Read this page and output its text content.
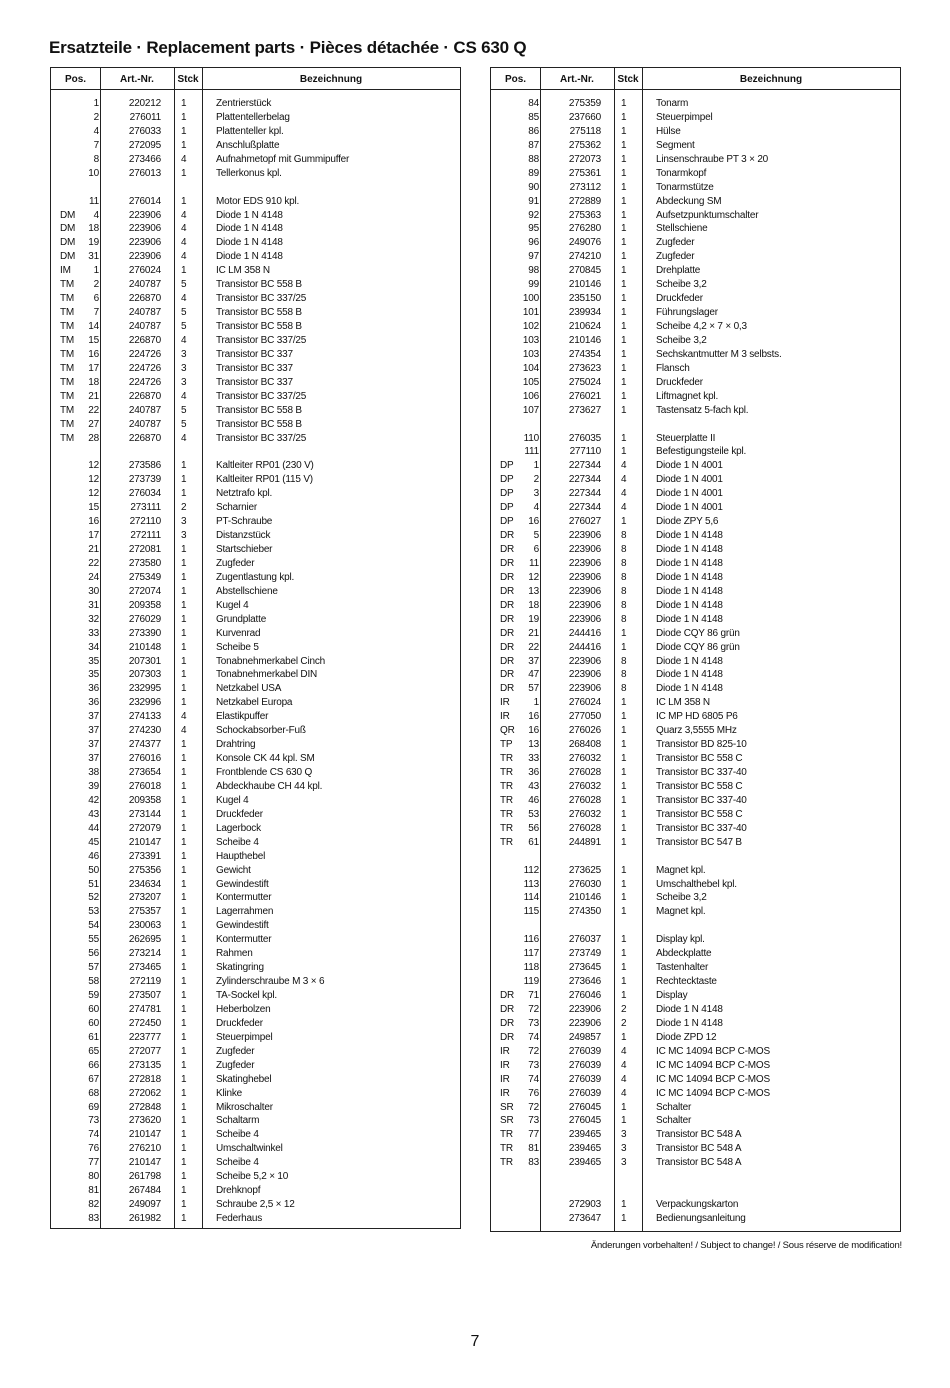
Ersatzteile · Replacement parts · Pièces détachée · CS 630 Q
Pos.	Art.-Nr.	Stck	Bezeichnung
1	220212 1	Zentrierstück
2	276011 1	Plattentellerbelag
4	276033 1	Plattenteller kpl.
7	272095 1	Anschlußplatte
8	273466 4	Aufnahmetopf mit Gummipuffer
10	276013 1	Tellerkonus kpl.
11	276014 1	Motor EDS 910 kpl.
DM	4	223906 4	Diode 1 N 4148
DM	18	223906 4	Diode 1 N 4148
DM	19	223906 4	Diode 1 N 4148
DM	31	223906 4	Diode 1 N 4148
IM	1	276024 1	IC LM 358 N
TM	2	240787 5	Transistor BC 558 B
TM	6	226870 4	Transistor BC 337/25
TM	7	240787 5	Transistor BC 558 B
TM	14	240787 5	Transistor BC 558 B
TM	15	226870 4	Transistor BC 337/25
TM	16	224726 3	Transistor BC 337
TM	17	224726 3	Transistor BC 337
TM	18	224726 3	Transistor BC 337
TM	21	226870 4	Transistor BC 337/25
TM	22	240787 5	Transistor BC 558 B
TM	27	240787 5	Transistor BC 558 B
TM	28	226870 4	Transistor BC 337/25
12	273586 1	Kaltleiter RP01 (230 V)
12	273739 1	Kaltleiter RP01 (115 V)
12	276034 1	Netztrafo kpl.
15	273111 2	Scharnier
16	272110 3	PT-Schraube
17	272111 3	Distanzstück
21	272081 1	Startschieber
22	273580 1	Zugfeder
24	275349 1	Zugentlastung kpl.
30	272074 1	Abstellschiene
31	209358 1	Kugel 4
32	276029 1	Grundplatte
33	273390 1	Kurvenrad
34	210148 1	Scheibe 5
35	207301 1	Tonabnehmerkabel Cinch
35	207303 1	Tonabnehmerkabel DIN
36	232995 1	Netzkabel USA
36	232996 1	Netzkabel Europa
37	274133 4	Elastikpuffer
37	274230 4	Schockabsorber-Fuß
37	274377 1	Drahtring
37	276016 1	Konsole CK 44 kpl. SM
38	273654 1	Frontblende CS 630 Q
39	276018 1	Abdeckhaube CH 44 kpl.
42	209358 1	Kugel 4
43	273144 1	Druckfeder
44	272079 1	Lagerbock
45	210147 1	Scheibe 4
46	273391 1	Haupthebel
50	275356 1	Gewicht
51	234634 1	Gewindestift
52	273207 1	Kontermutter
53	275357 1	Lagerrahmen
54	230063 1	Gewindestift
55	262695 1	Kontermutter
56	273214 1	Rahmen
57	273465 1	Skatingring
58	272119 1	Zylinderschraube M 3 × 6
59	273507 1	TA-Sockel kpl.
60	274781 1	Heberbolzen
60	272450 1	Druckfeder
61	223777 1	Steuerpimpel
65	272077 1	Zugfeder
66	273135 1	Zugfeder
67	272818 1	Skatinghebel
68	272062 1	Klinke
69	272848 1	Mikroschalter
73	273620 1	Schaltarm
74	210147 1	Scheibe 4
76	276210 1	Umschaltwinkel
77	210147 1	Scheibe 4
80	261798 1	Scheibe 5,2 × 10
81	267484 1	Drehknopf
82	249097 1	Schraube 2,5 × 12
83	261982 1	Federhaus
Pos.	Art.-Nr.	Stck	Bezeichnung
84	275359 1	Tonarm
85	237660 1	Steuerpimpel
86	275118 1	Hülse
87	275362 1	Segment
88	272073 1	Linsenschraube PT 3 × 20
89	275361 1	Tonarmkopf
90	273112 1	Tonarmstütze
91	272889 1	Abdeckung SM
92	275363 1	Aufsetzpunktumschalter
95	276280 1	Stellschiene
96	249076 1	Zugfeder
97	274210 1	Zugfeder
98	270845 1	Drehplatte
99	210146 1	Scheibe 3,2
100	235150 1	Druckfeder
101	239934 1	Führungslager
102	210624 1	Scheibe 4,2 × 7 × 0,3
103	210146 1	Scheibe 3,2
103	274354 1	Sechskantmutter M 3 selbsts.
104	273623 1	Flansch
105	275024 1	Druckfeder
106	276021 1	Liftmagnet kpl.
107	273627 1	Tastensatz 5-fach kpl.
110	276035 1	Steuerplatte II
111	277110 1	Befestigungsteile kpl.
DP	1	227344 4	Diode 1 N 4001
DP	2	227344 4	Diode 1 N 4001
DP	3	227344 4	Diode 1 N 4001
DP	4	227344 4	Diode 1 N 4001
DP	16	276027 1	Diode ZPY 5,6
DR	5	223906 8	Diode 1 N 4148
DR	6	223906 8	Diode 1 N 4148
DR	11	223906 8	Diode 1 N 4148
DR	12	223906 8	Diode 1 N 4148
DR	13	223906 8	Diode 1 N 4148
DR	18	223906 8	Diode 1 N 4148
DR	19	223906 8	Diode 1 N 4148
DR	21	244416 1	Diode CQY 86 grün
DR	22	244416 1	Diode CQY 86 grün
DR	37	223906 8	Diode 1 N 4148
DR	47	223906 8	Diode 1 N 4148
DR	57	223906 8	Diode 1 N 4148
IR	1	276024 1	IC LM 358 N
IR	16	277050 1	IC MP HD 6805 P6
QR	16	276026 1	Quarz 3,5555 MHz
TP	13	268408 1	Transistor BD 825-10
TR	33	276032 1	Transistor BC 558 C
TR	36	276028 1	Transistor BC 337-40
TR	43	276032 1	Transistor BC 558 C
TR	46	276028 1	Transistor BC 337-40
TR	53	276032 1	Transistor BC 558 C
TR	56	276028 1	Transistor BC 337-40
TR	61	244891 1	Transistor BC 547 B
112	273625 1	Magnet kpl.
113	276030 1	Umschalthebel kpl.
114	210146 1	Scheibe 3,2
115	274350 1	Magnet kpl.
116	276037 1	Display kpl.
117	273749 1	Abdeckplatte
118	273645 1	Tastenhalter
119	273646 1	Rechtecktaste
DR	71	276046 1	Display
DR	72	223906 2	Diode 1 N 4148
DR	73	223906 2	Diode 1 N 4148
DR	74	249857 1	Diode ZPD 12
IR	72	276039 4	IC MC 14094 BCP C-MOS
IR	73	276039 4	IC MC 14094 BCP C-MOS
IR	74	276039 4	IC MC 14094 BCP C-MOS
IR	76	276039 4	IC MC 14094 BCP C-MOS
SR	72	276045 1	Schalter
SR	73	276045 1	Schalter
TR	77	239465 3	Transistor BC 548 A
TR	81	239465 3	Transistor BC 548 A
TR	83	239465 3	Transistor BC 548 A
272903 1	Verpackungskarton
273647 1	Bedienungsanleitung
Änderungen vorbehalten! / Subject to change! / Sous réserve de modification!
7
